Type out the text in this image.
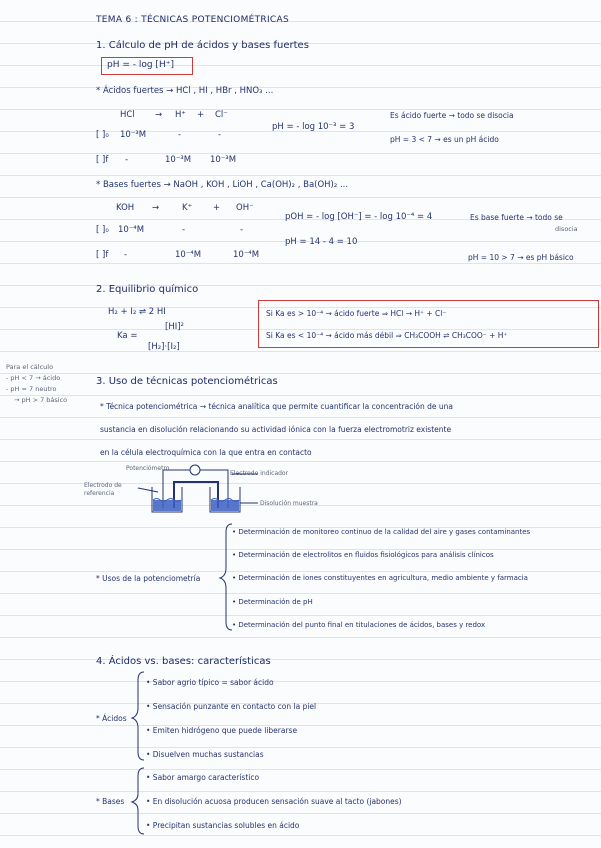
TEMA 6 : TÉCNICAS POTENCIOMÉTRICAS
1. Cálculo de pH de ácidos y bases fuertes
pH = - log [H⁺]
* Ácidos fuertes → HCl , HI , HBr , HNO₃ ...
HCl → H⁺ + Cl⁻
[ ]₀ 10⁻³M	-	-
[ ]f -	10⁻³M 10⁻³M
pH = - log 10⁻³ = 3
Es ácido fuerte → todo se disocia
pH = 3 < 7 → es un pH ácido
* Bases fuertes → NaOH , KOH , LiOH , Ca(OH)₂ , Ba(OH)₂ ...
KOH →	K⁺ + OH⁻
[ ]₀ 10⁻⁴M	-	-
[ ]f -	10⁻⁴M	10⁻⁴M
pOH = - log [OH⁻] = - log 10⁻⁴ = 4
pH = 14 - 4 = 10
Es base fuerte → todo se
disocia
pH = 10 > 7 → es pH básico
2. Equilibrio químico
H₂ + I₂ ⇌ 2 HI
Ka =
[HI]²
[H₂]·[I₂]
Si Ka es > 10⁻⁴ → ácido fuerte ⇒ HCl → H⁺ + Cl⁻
Si Ka es < 10⁻⁴ → ácido más débil ⇒ CH₃COOH ⇌ CH₃COO⁻ + H⁺
Para el cálculo
- pH < 7 → ácido
- pH = 7 neutro
→ pH > 7 básico
3. Uso de técnicas potenciométricas
* Técnica potenciométrica → técnica analítica que permite cuantificar la concentración de una
sustancia en disolución relacionando su actividad iónica con la fuerza electromotriz existente
en la célula electroquímica con la que entra en contacto
Potenciómetro
Electrodo indicador
Electrodo de
referencia
Disolución muestra
* Usos de la potenciometría
• Determinación de monitoreo continuo de la calidad del aire y gases contaminantes
• Determinación de electrolitos en fluidos fisiológicos para análisis clínicos
• Determinación de iones constituyentes en agricultura, medio ambiente y farmacia
• Determinación de pH
• Determinación del punto final en titulaciones de ácidos, bases y redox
4. Ácidos vs. bases: características
* Ácidos
• Sabor agrio típico = sabor ácido
• Sensación punzante en contacto con la piel
• Emiten hidrógeno que puede liberarse
• Disuelven muchas sustancias
* Bases
• Sabor amargo característico
• En disolución acuosa producen sensación suave al tacto (jabones)
• Precipitan sustancias solubles en ácido
